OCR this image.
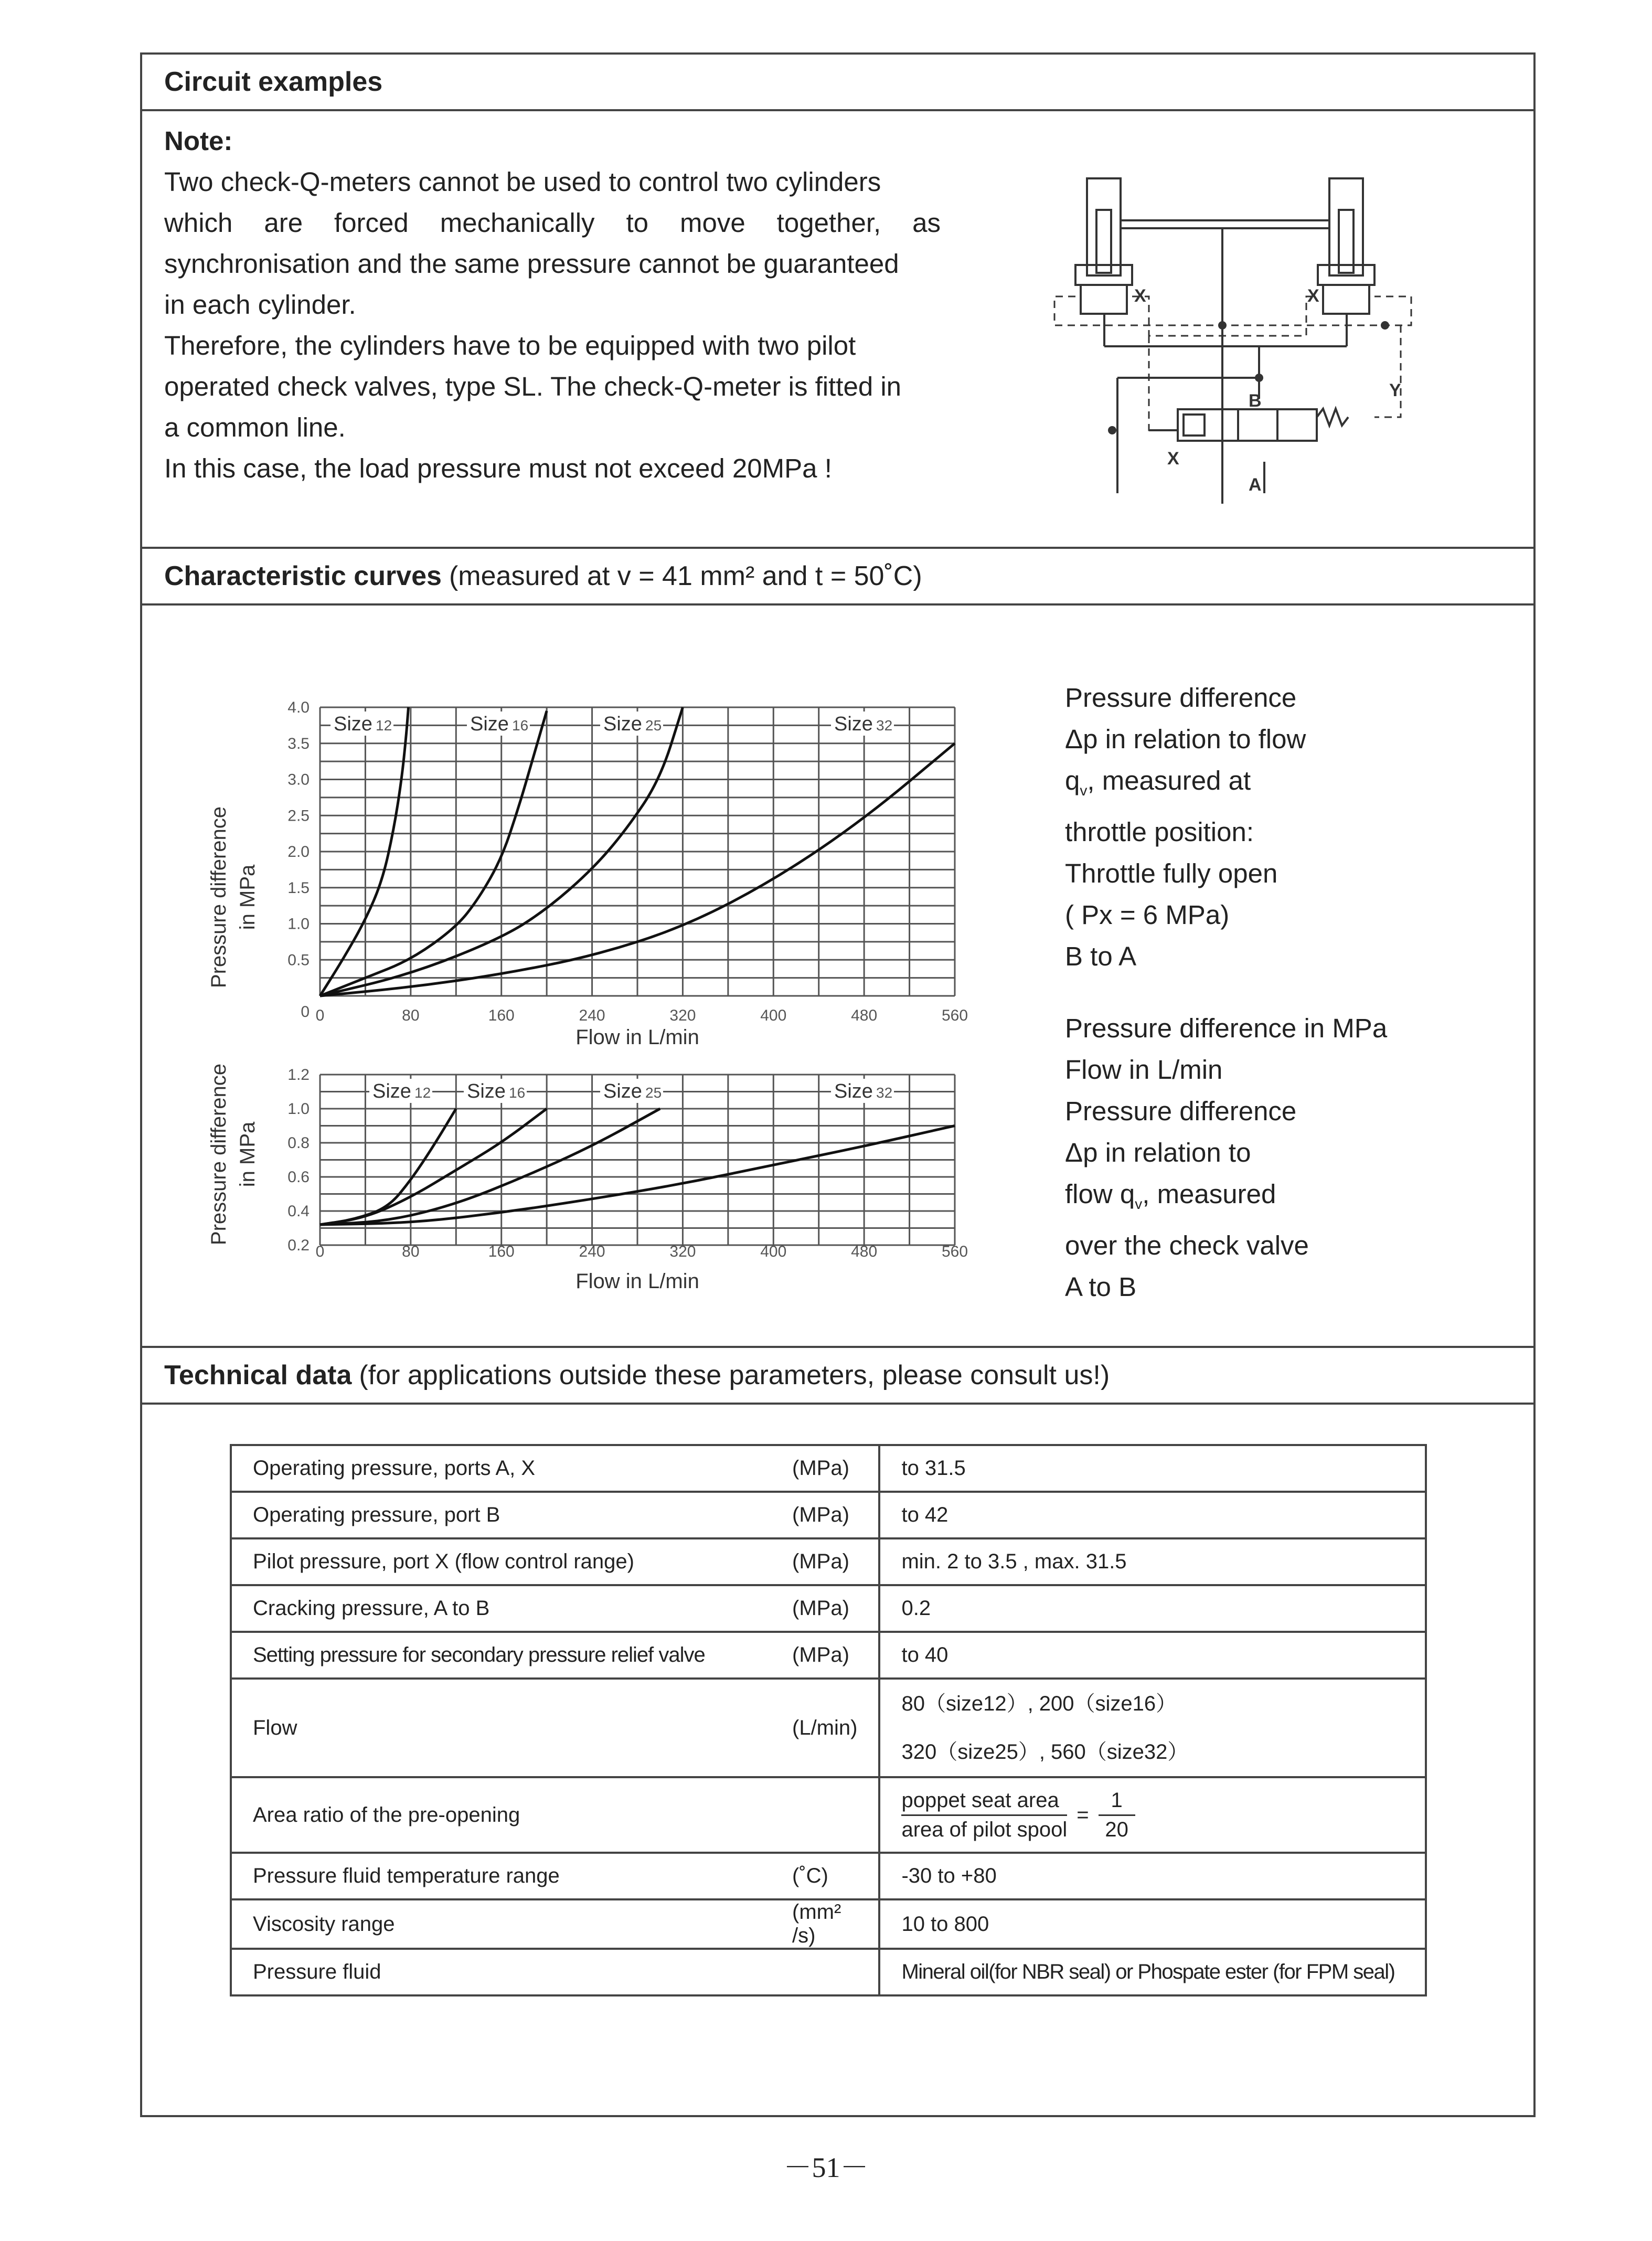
Circuit examples
Note:
Two check-Q-meters cannot be used to control two cylinders
which are forced mechanically to move together, as
synchronisation and the same pressure cannot be guaranteed
in each cylinder.
Therefore, the cylinders have to be equipped with two pilot
operated check valves, type SL. The check-Q-meter is fitted in
a common line.
In this case, the load pressure must not exceed 20MPa !
X	X
Y
B
A
X
Characteristic curves (measured at v = 41 mm² and t = 50˚C)
Pressure difference in MPa
Flow in L/min
0	80	160	240	320	400	480	560
0.5
1.0
1.5
2.0
2.5
3.0
3.5
4.0
0
Size 12	Size 16	Size 25	Size 32
Pressure difference in MPa
Flow in L/min
0	80	160	240	320	400	480	560
0.2
0.4
0.6
0.8
1.0
1.2
Size 12 Size 16	Size 25	Size 32
Pressure difference
Δp in relation to flow
$q_v$, measured at
throttle position:
Throttle fully open
( Px = 6 MPa)
B to A
Pressure difference in MPa
Flow in L/min
Pressure difference
Δp in relation to
flow $q_v$, measured
over the check valve
A to B
Technical data (for applications outside these parameters, please consult us!)
Operating pressure, ports A, X	(MPa)	to 31.5
Operating pressure, port B	(MPa)	to 42
Pilot pressure, port X (flow control range)	(MPa)	min. 2 to 3.5 , max. 31.5
Cracking pressure, A to B	(MPa)	0.2
Setting pressure for secondary pressure relief valve	(MPa)	to 40
Flow	(L/min)	80（size12）, 200（size16）
320（size25）, 560（size32）

Area ratio of the pre-opening		poppet seat area
area of pilot spool
= $\frac{1}{20}$

Pressure fluid temperature range	(˚C)	-30 to +80
Viscosity range	(mm² /s)	10 to 800
Pressure fluid		Mineral oil(for NBR seal) or Phospate ester (for FPM seal)
－51－
